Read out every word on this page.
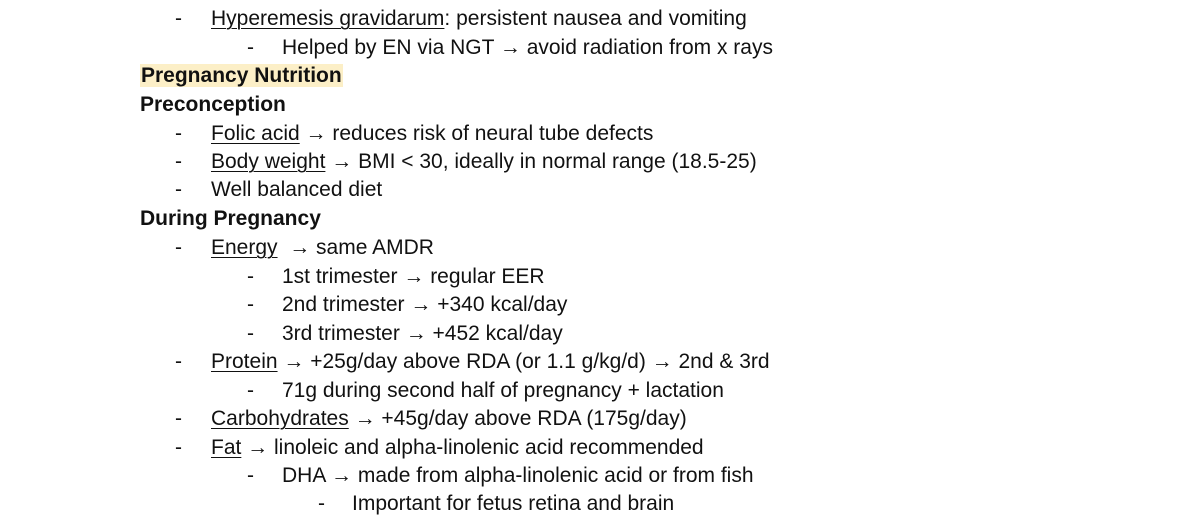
- Hyperemesis gravidarum: persistent nausea and vomiting
- Helped by EN via NGT → avoid radiation from x rays
Pregnancy Nutrition
Preconception
- Folic acid → reduces risk of neural tube defects
- Body weight → BMI < 30, ideally in normal range (18.5-25)
- Well balanced diet
During Pregnancy
- Energy  → same AMDR
- 1st trimester → regular EER
- 2nd trimester → +340 kcal/day
- 3rd trimester → +452 kcal/day
- Protein → +25g/day above RDA (or 1.1 g/kg/d) → 2nd & 3rd
- 71g during second half of pregnancy + lactation
- Carbohydrates → +45g/day above RDA (175g/day)
- Fat → linoleic and alpha-linolenic acid recommended
- DHA → made from alpha-linolenic acid or from fish
- Important for fetus retina and brain
